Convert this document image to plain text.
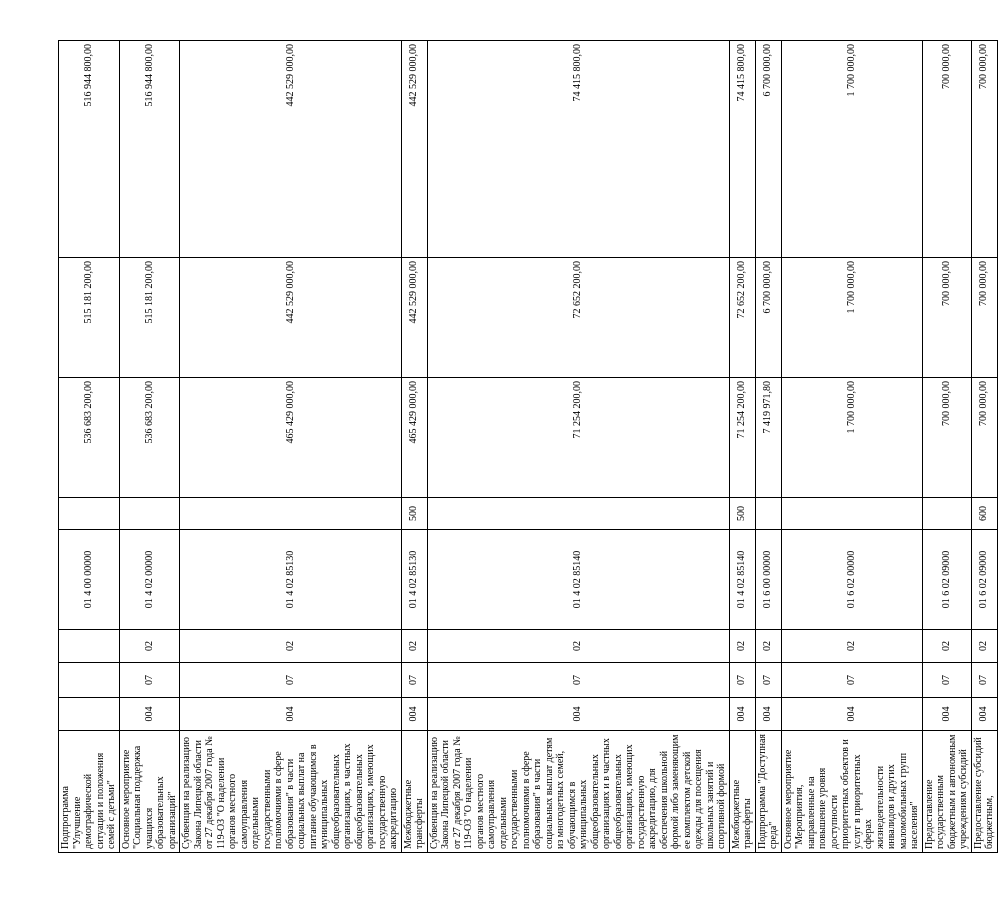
Подпрограмма "Улучшение демографической ситуации и положения семей с детьми"				01 4 00 00000		536 683 200,00	515 181 200,00	516 944 800,00
Основное мероприятие "Социальная поддержка учащихся образовательных организаций"	004	07	02	01 4 02 00000		536 683 200,00	515 181 200,00	516 944 800,00
Субвенция на реализацию Закона Липецкой области от 27 декабря 2007 года № 119-ОЗ "О наделении органов местного самоуправления отдельными государственными полномочиями в сфере образования" в части социальных выплат на питание обучающимся в муниципальных общеобразовательных организациях, в частных общеобразовательных организациях, имеющих государственную аккредитацию	004	07	02	01 4 02 85130		465 429 000,00	442 529 000,00	442 529 000,00
Межбюджетные трансферты	004	07	02	01 4 02 85130	500	465 429 000,00	442 529 000,00	442 529 000,00
Субвенция на реализацию Закона Липецкой области от 27 декабря 2007 года № 119-ОЗ "О наделении органов местного самоуправления отдельными государственными полномочиями в сфере образования" в части социальных выплат детям из многодетных семей, обучающимся в муниципальных общеобразовательных организациях и в частных общеобразовательных организациях, имеющих государственную аккредитацию, для обеспечения школьной формой либо заменяющим ее комплектом детской одежды для посещения школьных занятий и спортивной формой	004	07	02	01 4 02 85140		71 254 200,00	72 652 200,00	74 415 800,00
Межбюджетные трансферты	004	07	02	01 4 02 85140	500	71 254 200,00	72 652 200,00	74 415 800,00
Подпрограмма "Доступная среда"	004	07	02	01 6 00 00000		7 419 971,80	6 700 000,00	6 700 000,00
Основное мероприятие "Мероприятия, направленные на повышение уровня доступности приоритетных объектов и услуг в приоритетных сферах жизнедеятельности инвалидов и других маломобильных групп населения"	004	07	02	01 6 02 00000		1 700 000,00	1 700 000,00	1 700 000,00
Предоставление государственным бюджетным и автономным учреждениям субсидий	004	07	02	01 6 02 09000		700 000,00	700 000,00	700 000,00
Предоставление субсидий бюджетным,	004	07	02	01 6 02 09000	600	700 000,00	700 000,00	700 000,00
